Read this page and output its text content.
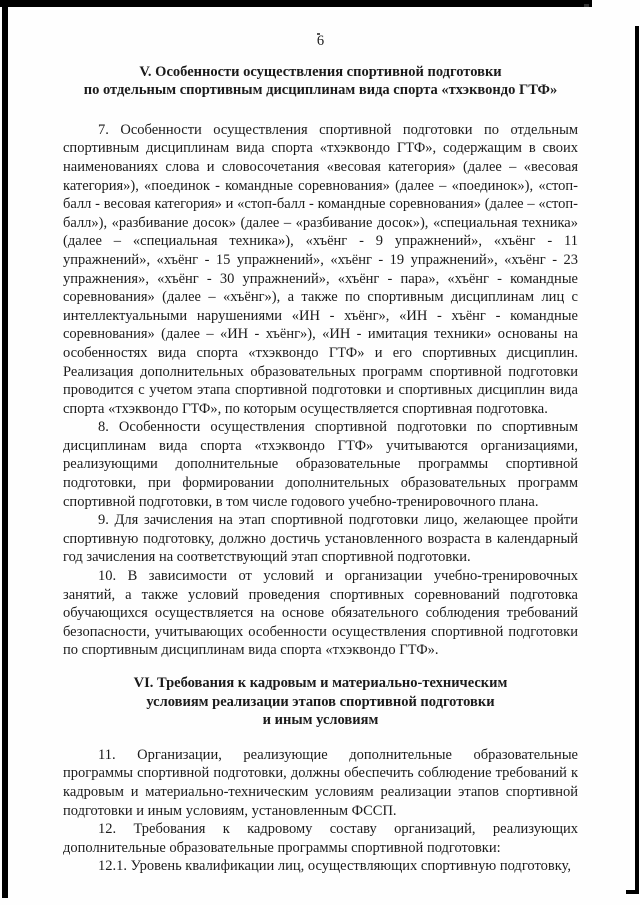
6
V. Особенности осуществления спортивной подготовки
по отдельным спортивным дисциплинам вида спорта «тхэквондо ГТФ»

7. Особенности осуществления спортивной подготовки по отдельным спортивным дисциплинам вида спорта «тхэквондо ГТФ», содержащим в своих наименованиях слова и словосочетания «весовая категория» (далее – «весовая категория»), «поединок - командные соревнования» (далее – «поединок»), «стоп-балл - весовая категория» и «стоп-балл - командные соревнования» (далее – «стоп-балл»), «разбивание досок» (далее – «разбивание досок»), «специальная техника» (далее – «специальная техника»), «хъёнг - 9 упражнений», «хъёнг - 11 упражнений», «хъёнг - 15 упражнений», «хъёнг - 19 упражнений», «хъёнг - 23 упражнения», «хъёнг - 30 упражнений», «хъёнг - пара», «хъёнг - командные соревнования» (далее – «хъёнг»), а также по спортивным дисциплинам лиц с интеллектуальными нарушениями «ИН - хъёнг», «ИН - хъёнг - командные соревнования» (далее – «ИН - хъёнг»), «ИН - имитация техники» основаны на особенностях вида спорта «тхэквондо ГТФ» и его спортивных дисциплин. Реализация дополнительных образовательных программ спортивной подготовки проводится с учетом этапа спортивной подготовки и спортивных дисциплин вида спорта «тхэквондо ГТФ», по которым осуществляется спортивная подготовка.

8. Особенности осуществления спортивной подготовки по спортивным дисциплинам вида спорта «тхэквондо ГТФ» учитываются организациями, реализующими дополнительные образовательные программы спортивной подготовки, при формировании дополнительных образовательных программ спортивной подготовки, в том числе годового учебно-тренировочного плана.

9. Для зачисления на этап спортивной подготовки лицо, желающее пройти спортивную подготовку, должно достичь установленного возраста в календарный год зачисления на соответствующий этап спортивной подготовки.

10. В зависимости от условий и организации учебно-тренировочных занятий, а также условий проведения спортивных соревнований подготовка обучающихся осуществляется на основе обязательного соблюдения требований безопасности, учитывающих особенности осуществления спортивной подготовки по спортивным дисциплинам вида спорта «тхэквондо ГТФ».

VI. Требования к кадровым и материально-техническим
условиям реализации этапов спортивной подготовки
и иным условиям

11. Организации, реализующие дополнительные образовательные программы спортивной подготовки, должны обеспечить соблюдение требований к кадровым и материально-техническим условиям реализации этапов спортивной подготовки и иным условиям, установленным ФССП.

12. Требования к кадровому составу организаций, реализующих дополнительные образовательные программы спортивной подготовки:

12.1. Уровень квалификации лиц, осуществляющих спортивную подготовку,
